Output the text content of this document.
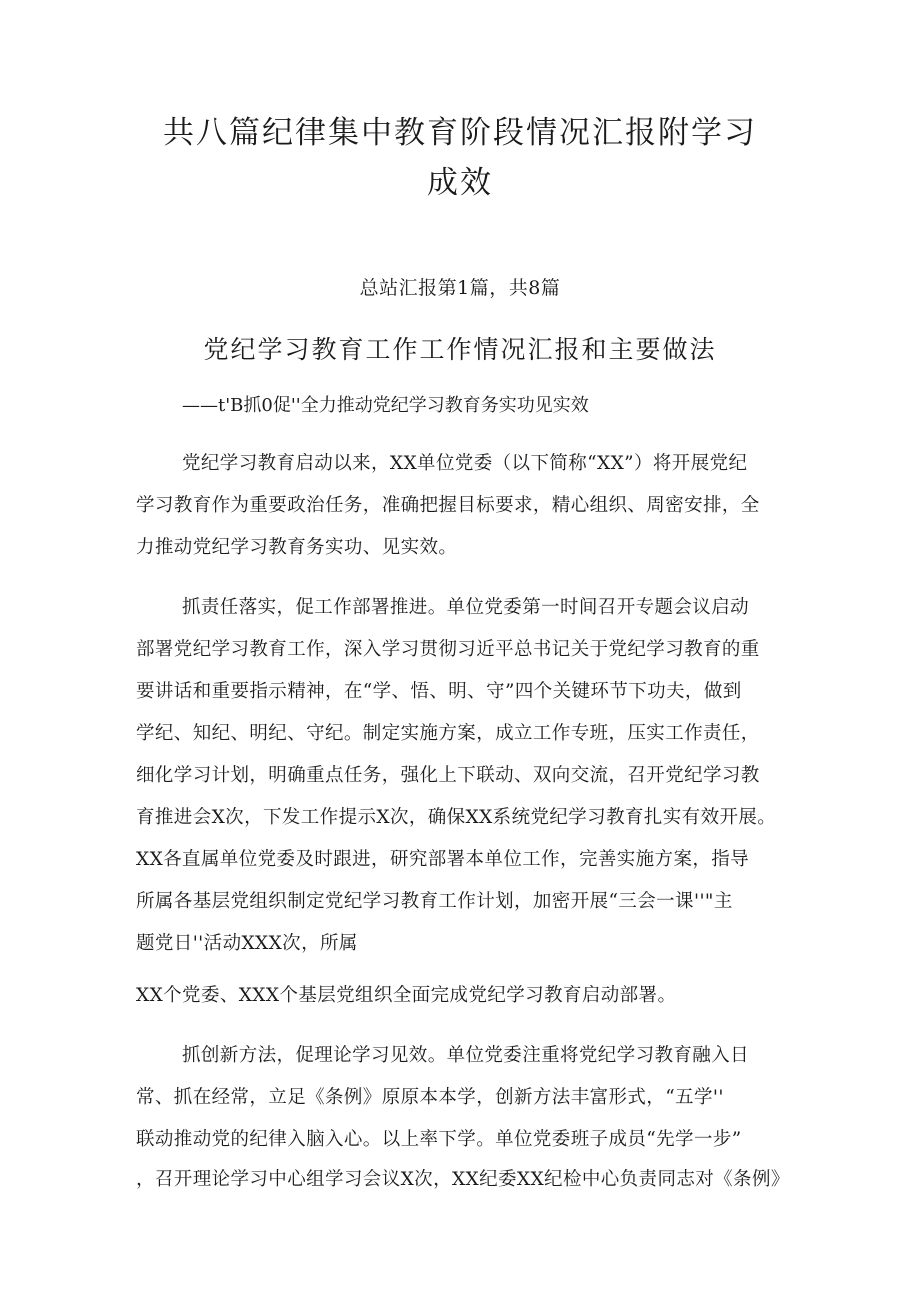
共八篇纪律集中教育阶段情况汇报附学习
成效
总站汇报第1篇，共8篇
党纪学习教育工作工作情况汇报和主要做法
——t'B抓0促''全力推动党纪学习教育务实功见实效
党纪学习教育启动以来，XX单位党委（以下简称“XX”）将开展党纪
学习教育作为重要政治任务，准确把握目标要求，精心组织、周密安排，全
力推动党纪学习教育务实功、见实效。
抓责任落实，促工作部署推进。单位党委第一时间召开专题会议启动
部署党纪学习教育工作，深入学习贯彻习近平总书记关于党纪学习教育的重
要讲话和重要指示精神，在“学、悟、明、守”四个关键环节下功夫，做到
学纪、知纪、明纪、守纪。制定实施方案，成立工作专班，压实工作责任，
细化学习计划，明确重点任务，强化上下联动、双向交流，召开党纪学习教
育推进会X次，下发工作提示X次，确保XX系统党纪学习教育扎实有效开展。
XX各直属单位党委及时跟进，研究部署本单位工作，完善实施方案，指导
所属各基层党组织制定党纪学习教育工作计划，加密开展“三会一课''"主
题党日''活动XXX次，所属
XX个党委、XXX个基层党组织全面完成党纪学习教育启动部署。
抓创新方法，促理论学习见效。单位党委注重将党纪学习教育融入日
常、抓在经常，立足《条例》原原本本学，创新方法丰富形式，“五学''
联动推动党的纪律入脑入心。以上率下学。单位党委班子成员“先学一步”
，召开理论学习中心组学习会议X次，XX纪委XX纪检中心负责同志对《条例》
